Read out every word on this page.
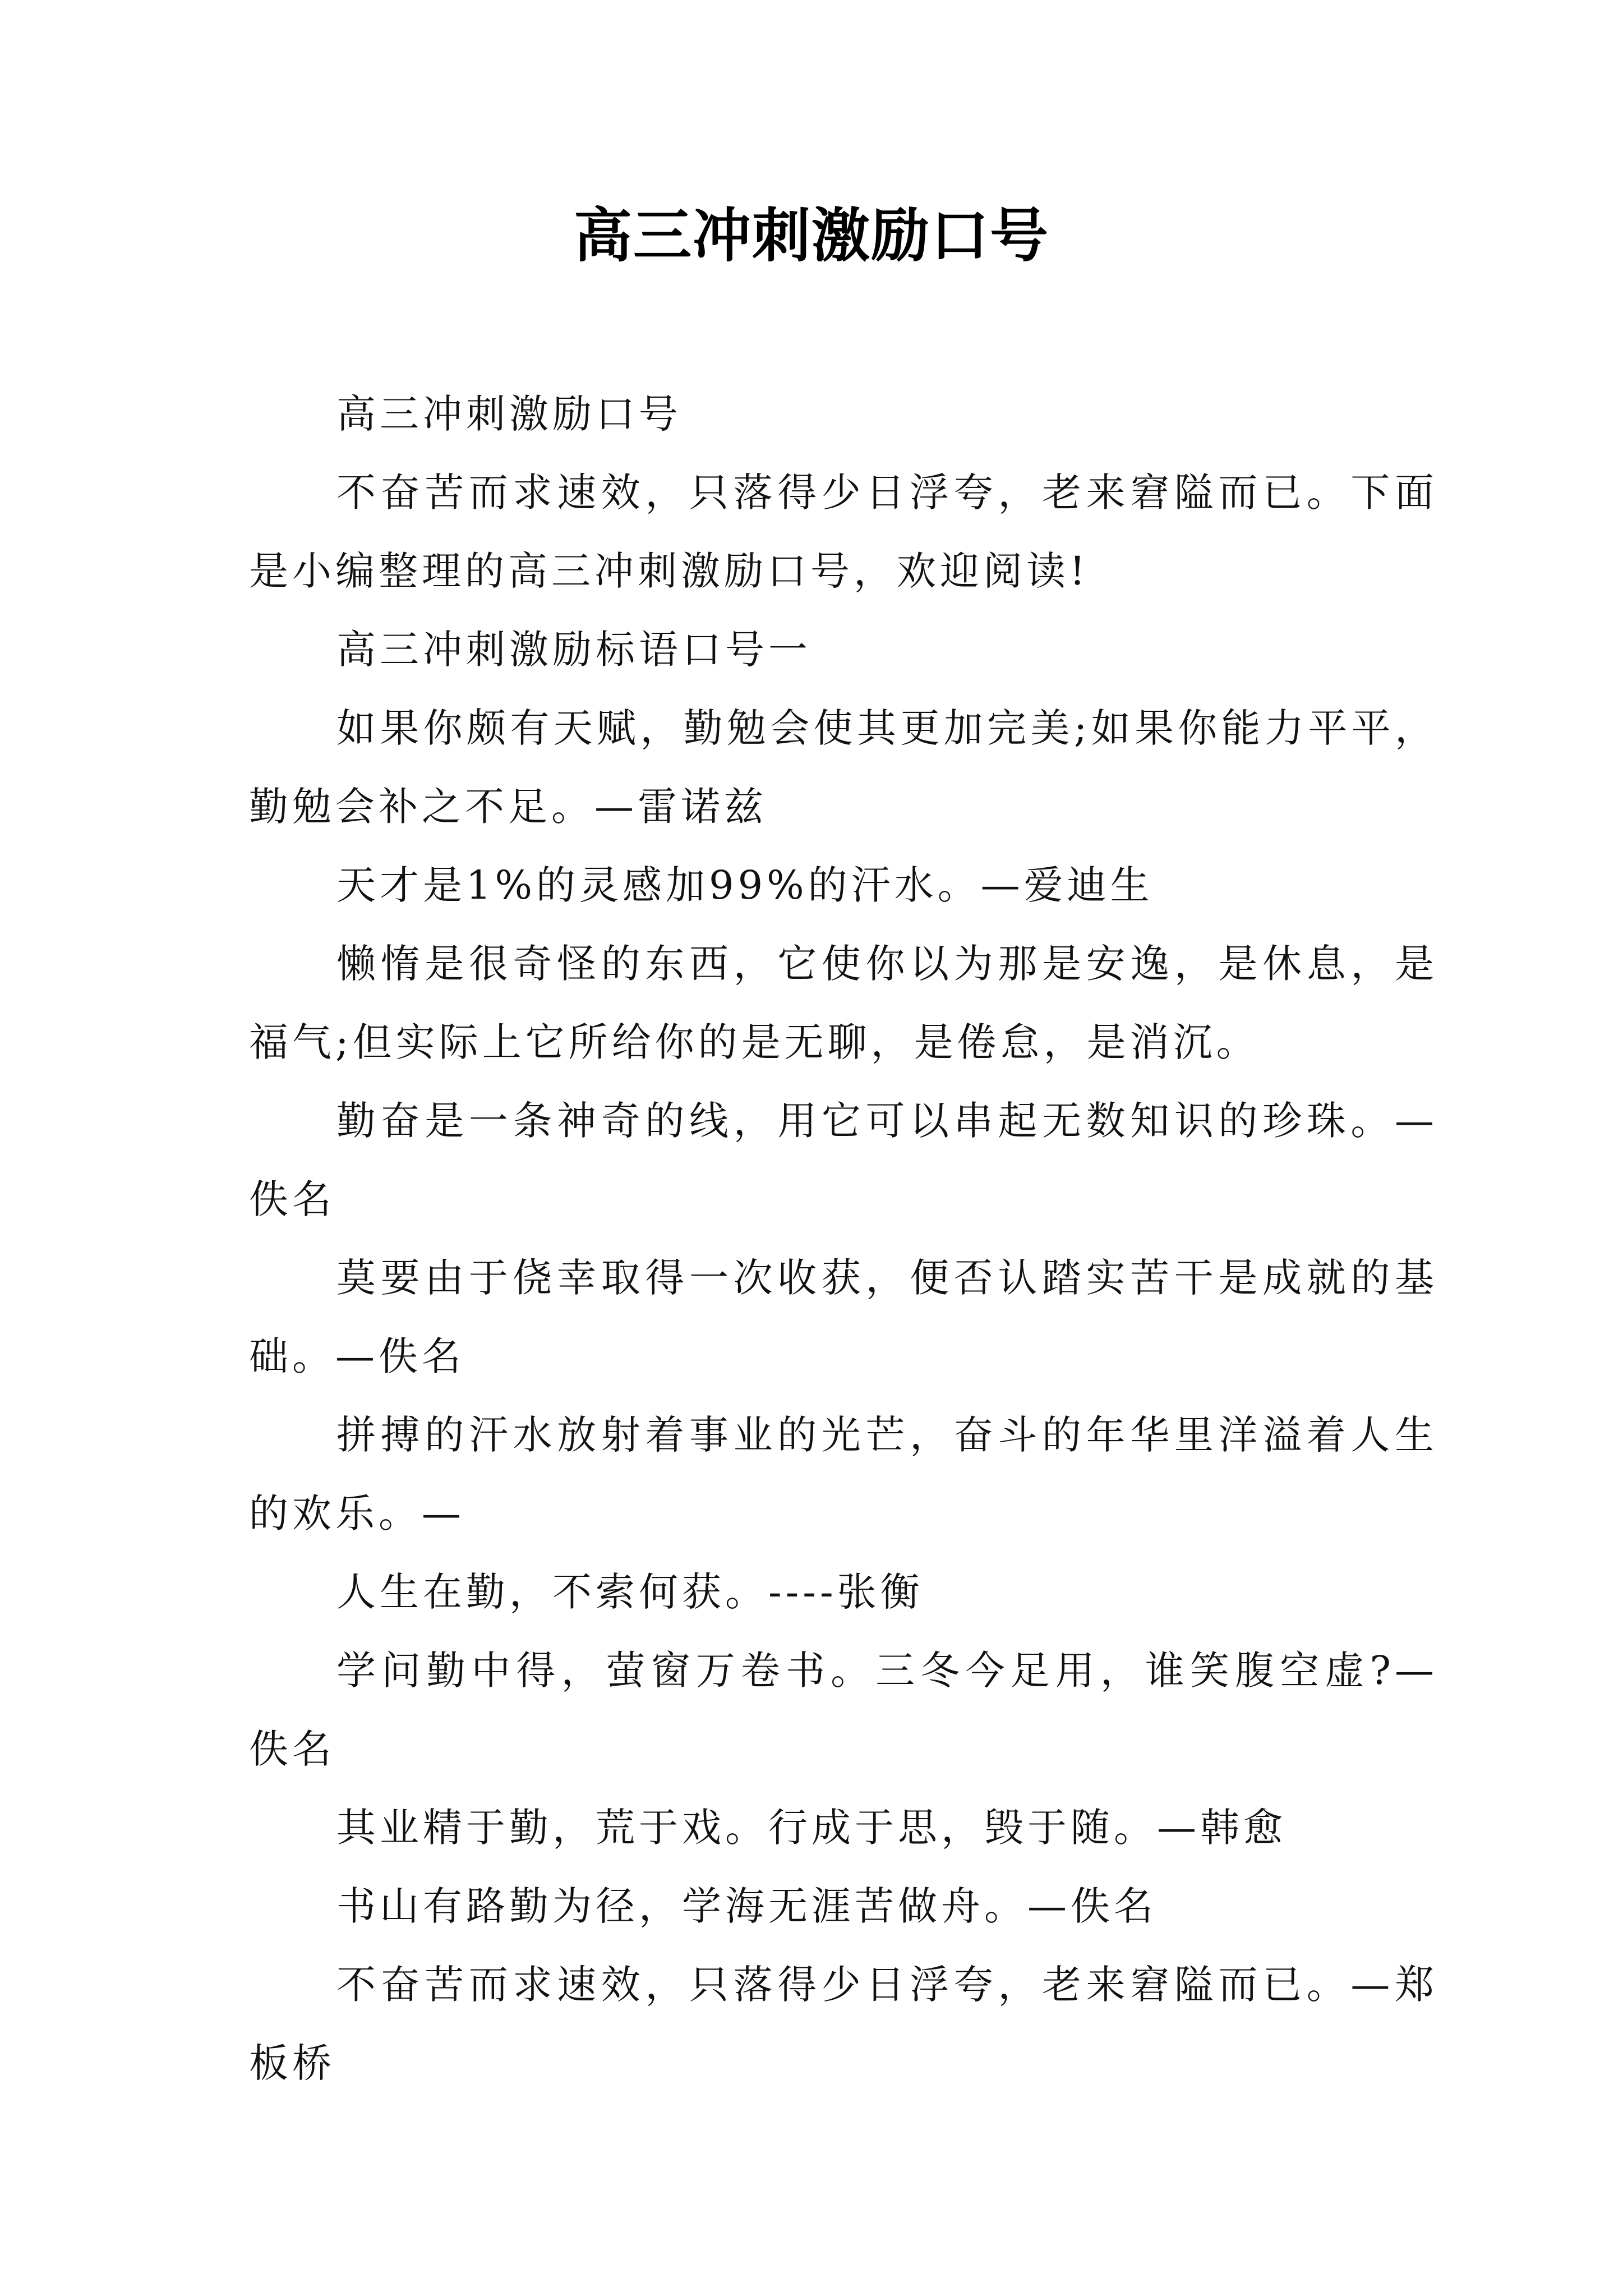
高三冲刺激励口号

高三冲刺激励口号

不奋苦而求速效，只落得少日浮夸，老来窘隘而已。下面是小编整理的高三冲刺激励口号，欢迎阅读!

高三冲刺激励标语口号一

如果你颇有天赋，勤勉会使其更加完美;如果你能力平平，勤勉会补之不足。—雷诺兹

天才是1%的灵感加99%的汗水。—爱迪生

懒惰是很奇怪的东西，它使你以为那是安逸，是休息，是福气;但实际上它所给你的是无聊，是倦怠，是消沉。

勤奋是一条神奇的线，用它可以串起无数知识的珍珠。—佚名

莫要由于侥幸取得一次收获，便否认踏实苦干是成就的基础。—佚名

拼搏的汗水放射着事业的光芒，奋斗的年华里洋溢着人生的欢乐。—

人生在勤，不索何获。----张衡

学问勤中得，萤窗万卷书。三冬今足用，谁笑腹空虚?—佚名

其业精于勤，荒于戏。行成于思，毁于随。—韩愈

书山有路勤为径，学海无涯苦做舟。—佚名

不奋苦而求速效，只落得少日浮夸，老来窘隘而已。—郑板桥
